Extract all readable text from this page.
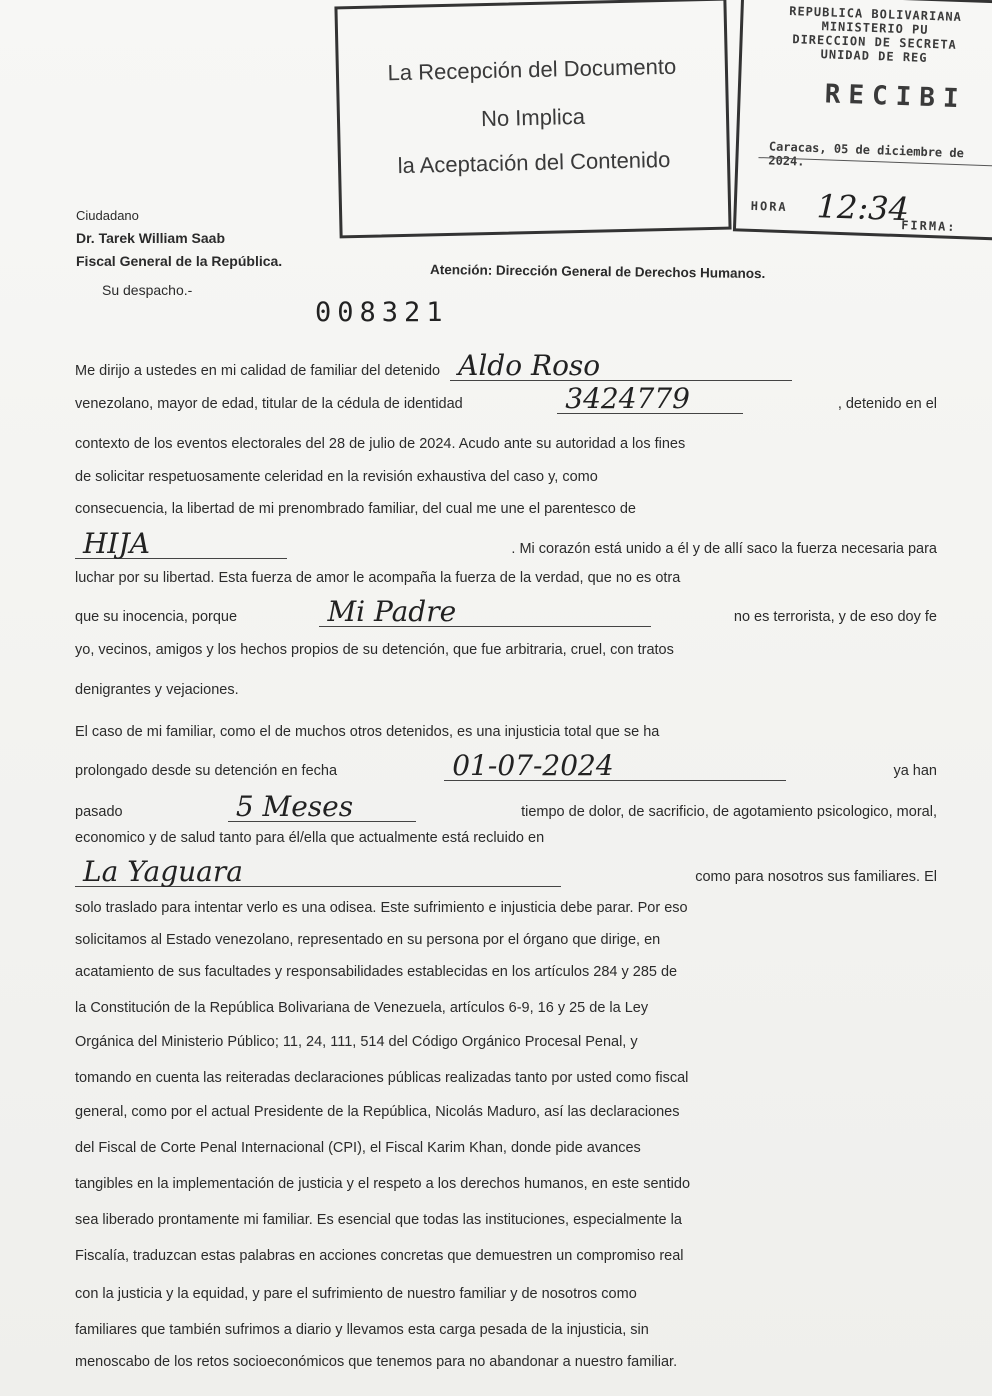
La Recepción del Documento
No Implica
la Aceptación del Contenido
REPUBLICA BOLIVARIANA
MINISTERIO PU
DIRECCION DE SECRETA
UNIDAD DE REG
RECIBI
Caracas, 05 de diciembre de 2024.
HORA 12:34
FIRMA:
Ciudadano
Dr. Tarek William Saab
Fiscal General de la República.
Su despacho.-
Atención: Dirección General de Derechos Humanos.
008321
Me dirijo a ustedes en mi calidad de familiar del detenido Aldo Roso
venezolano, mayor de edad, titular de la cédula de identidad	3424779	, detenido en el
contexto de los eventos electorales del 28 de julio de 2024. Acudo ante su autoridad a los fines
de solicitar respetuosamente celeridad en la revisión exhaustiva del caso y, como
consecuencia, la libertad de mi prenombrado familiar, del cual me une el parentesco de
HIJA	. Mi corazón está unido a él y de allí saco la fuerza necesaria para
luchar por su libertad. Esta fuerza de amor le acompaña la fuerza de la verdad, que no es otra
que su inocencia, porque	Mi Padre	no es terrorista, y de eso doy fe
yo, vecinos, amigos y los hechos propios de su detención, que fue arbitraria, cruel, con tratos
denigrantes y vejaciones.
El caso de mi familiar, como el de muchos otros detenidos, es una injusticia total que se ha
prolongado desde su detención en fecha	01-07-2024	ya han
pasado	5 Meses	tiempo de dolor, de sacrificio, de agotamiento psicologico, moral,
economico y de salud tanto para él/ella que actualmente está recluido en
La Yaguara	como para nosotros sus familiares. El
solo traslado para intentar verlo es una odisea. Este sufrimiento e injusticia debe parar. Por eso
solicitamos al Estado venezolano, representado en su persona por el órgano que dirige, en
acatamiento de sus facultades y responsabilidades establecidas en los artículos 284 y 285 de
la Constitución de la República Bolivariana de Venezuela, artículos 6-9, 16 y 25 de la Ley
Orgánica del Ministerio Público; 11, 24, 111, 514 del Código Orgánico Procesal Penal, y
tomando en cuenta las reiteradas declaraciones públicas realizadas tanto por usted como fiscal
general, como por el actual Presidente de la República, Nicolás Maduro, así las declaraciones
del Fiscal de Corte Penal Internacional (CPI), el Fiscal Karim Khan, donde pide avances
tangibles en la implementación de justicia y el respeto a los derechos humanos, en este sentido
sea liberado prontamente mi familiar. Es esencial que todas las instituciones, especialmente la
Fiscalía, traduzcan estas palabras en acciones concretas que demuestren un compromiso real
con la justicia y la equidad, y pare el sufrimiento de nuestro familiar y de nosotros como
familiares que también sufrimos a diario y llevamos esta carga pesada de la injusticia, sin
menoscabo de los retos socioeconómicos que tenemos para no abandonar a nuestro familiar.
